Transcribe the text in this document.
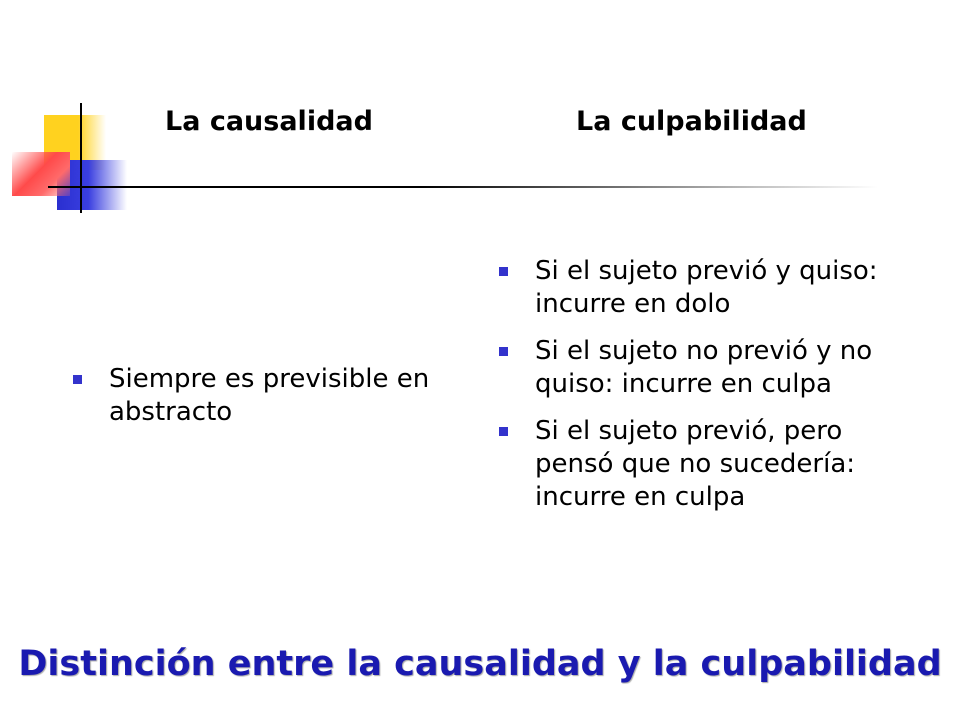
La causalidad	La culpabilidad
Siempre es previsible en abstracto
Si el sujeto previó y quiso: incurre en dolo
Si el sujeto no previó y no quiso: incurre en culpa
Si el sujeto previó, pero pensó que no sucedería: incurre en culpa
Distinción entre la causalidad y la culpabilidad
